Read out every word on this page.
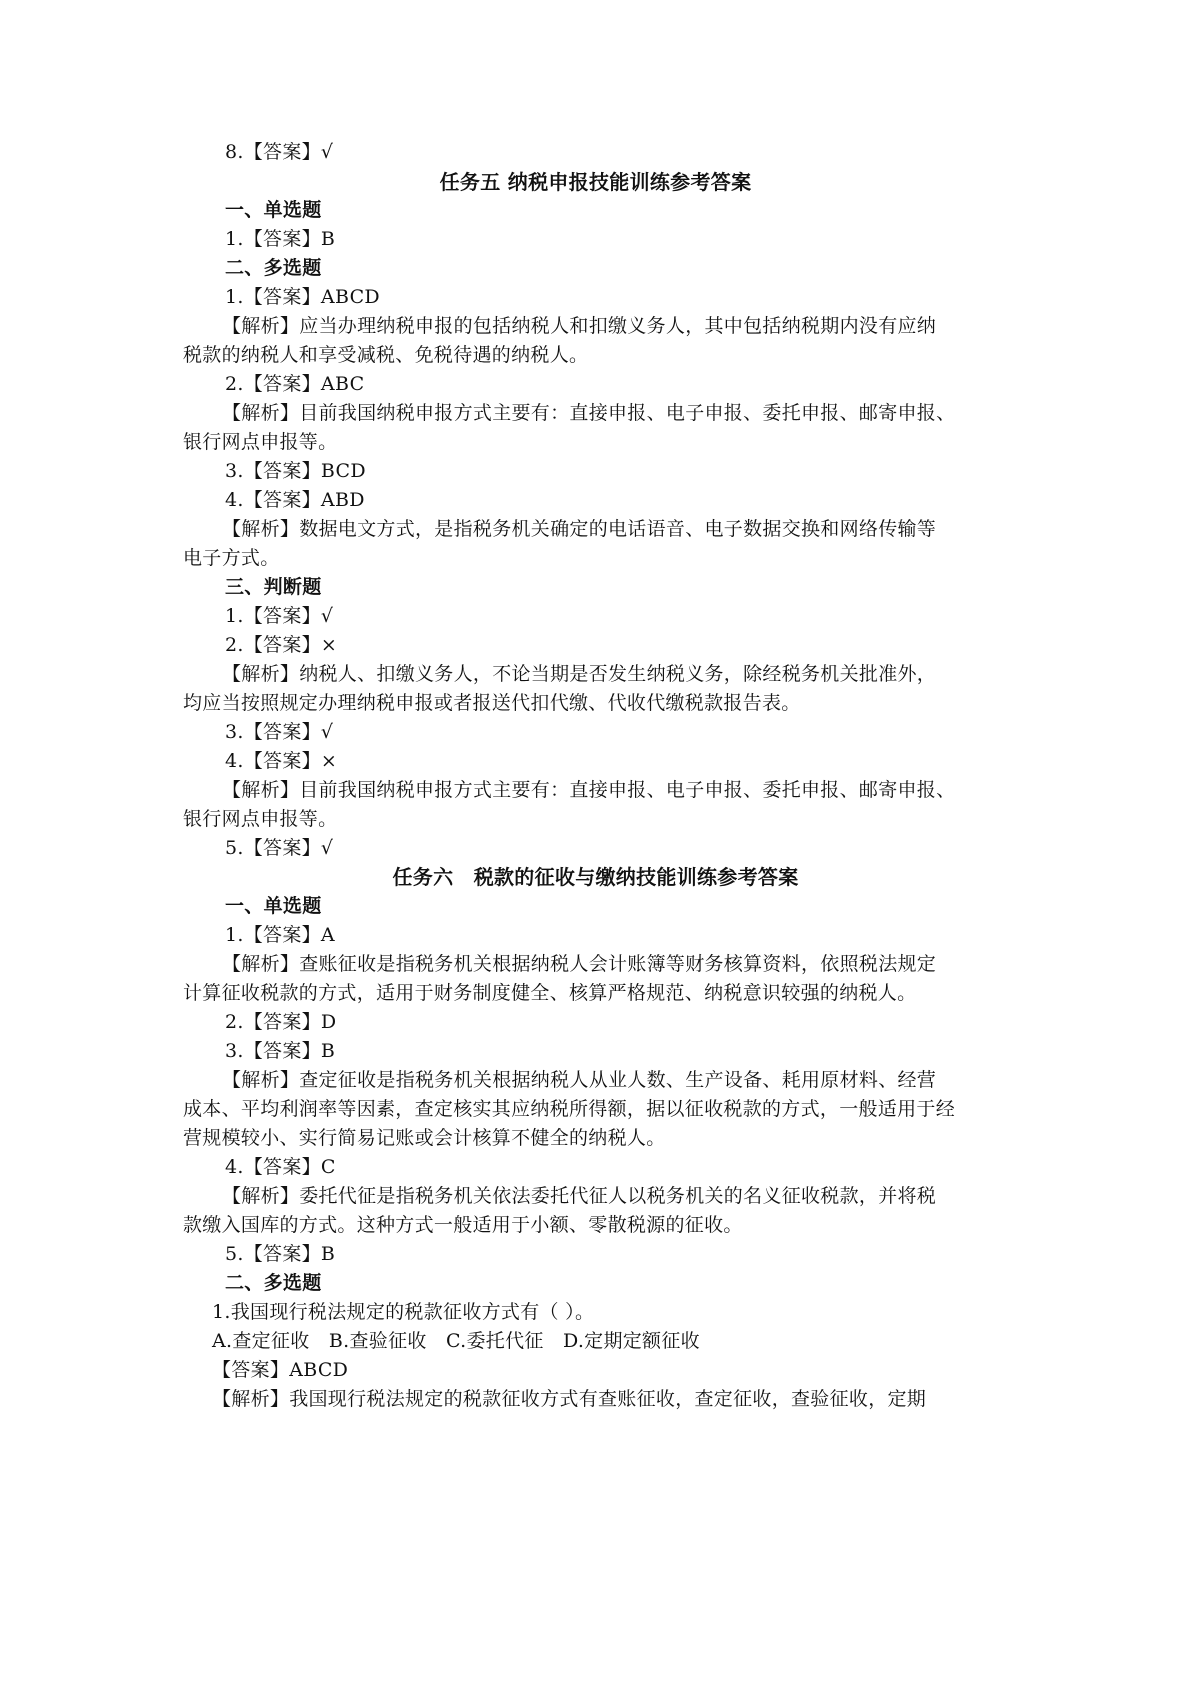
8.【答案】√
任务五 纳税申报技能训练参考答案
一、单选题
1.【答案】B
二、多选题
1.【答案】ABCD
【解析】应当办理纳税申报的包括纳税人和扣缴义务人，其中包括纳税期内没有应纳
税款的纳税人和享受减税、免税待遇的纳税人。
2.【答案】ABC
【解析】目前我国纳税申报方式主要有：直接申报、电子申报、委托申报、邮寄申报、
银行网点申报等。
3.【答案】BCD
4.【答案】ABD
【解析】数据电文方式，是指税务机关确定的电话语音、电子数据交换和网络传输等
电子方式。
三、判断题
1.【答案】√
2.【答案】×
【解析】纳税人、扣缴义务人，不论当期是否发生纳税义务，除经税务机关批准外，
均应当按照规定办理纳税申报或者报送代扣代缴、代收代缴税款报告表。
3.【答案】√
4.【答案】×
【解析】目前我国纳税申报方式主要有：直接申报、电子申报、委托申报、邮寄申报、
银行网点申报等。
5.【答案】√
任务六　税款的征收与缴纳技能训练参考答案
一、单选题
1.【答案】A
【解析】查账征收是指税务机关根据纳税人会计账簿等财务核算资料，依照税法规定
计算征收税款的方式，适用于财务制度健全、核算严格规范、纳税意识较强的纳税人。
2.【答案】D
3.【答案】B
【解析】查定征收是指税务机关根据纳税人从业人数、生产设备、耗用原材料、经营
成本、平均利润率等因素，查定核实其应纳税所得额，据以征收税款的方式，一般适用于经
营规模较小、实行简易记账或会计核算不健全的纳税人。
4.【答案】C
【解析】委托代征是指税务机关依法委托代征人以税务机关的名义征收税款，并将税
款缴入国库的方式。这种方式一般适用于小额、零散税源的征收。
5.【答案】B
二、多选题
1.我国现行税法规定的税款征收方式有（ ）。
A.查定征收　B.查验征收　C.委托代征　D.定期定额征收
【答案】ABCD
【解析】我国现行税法规定的税款征收方式有查账征收，查定征收，查验征收，定期
